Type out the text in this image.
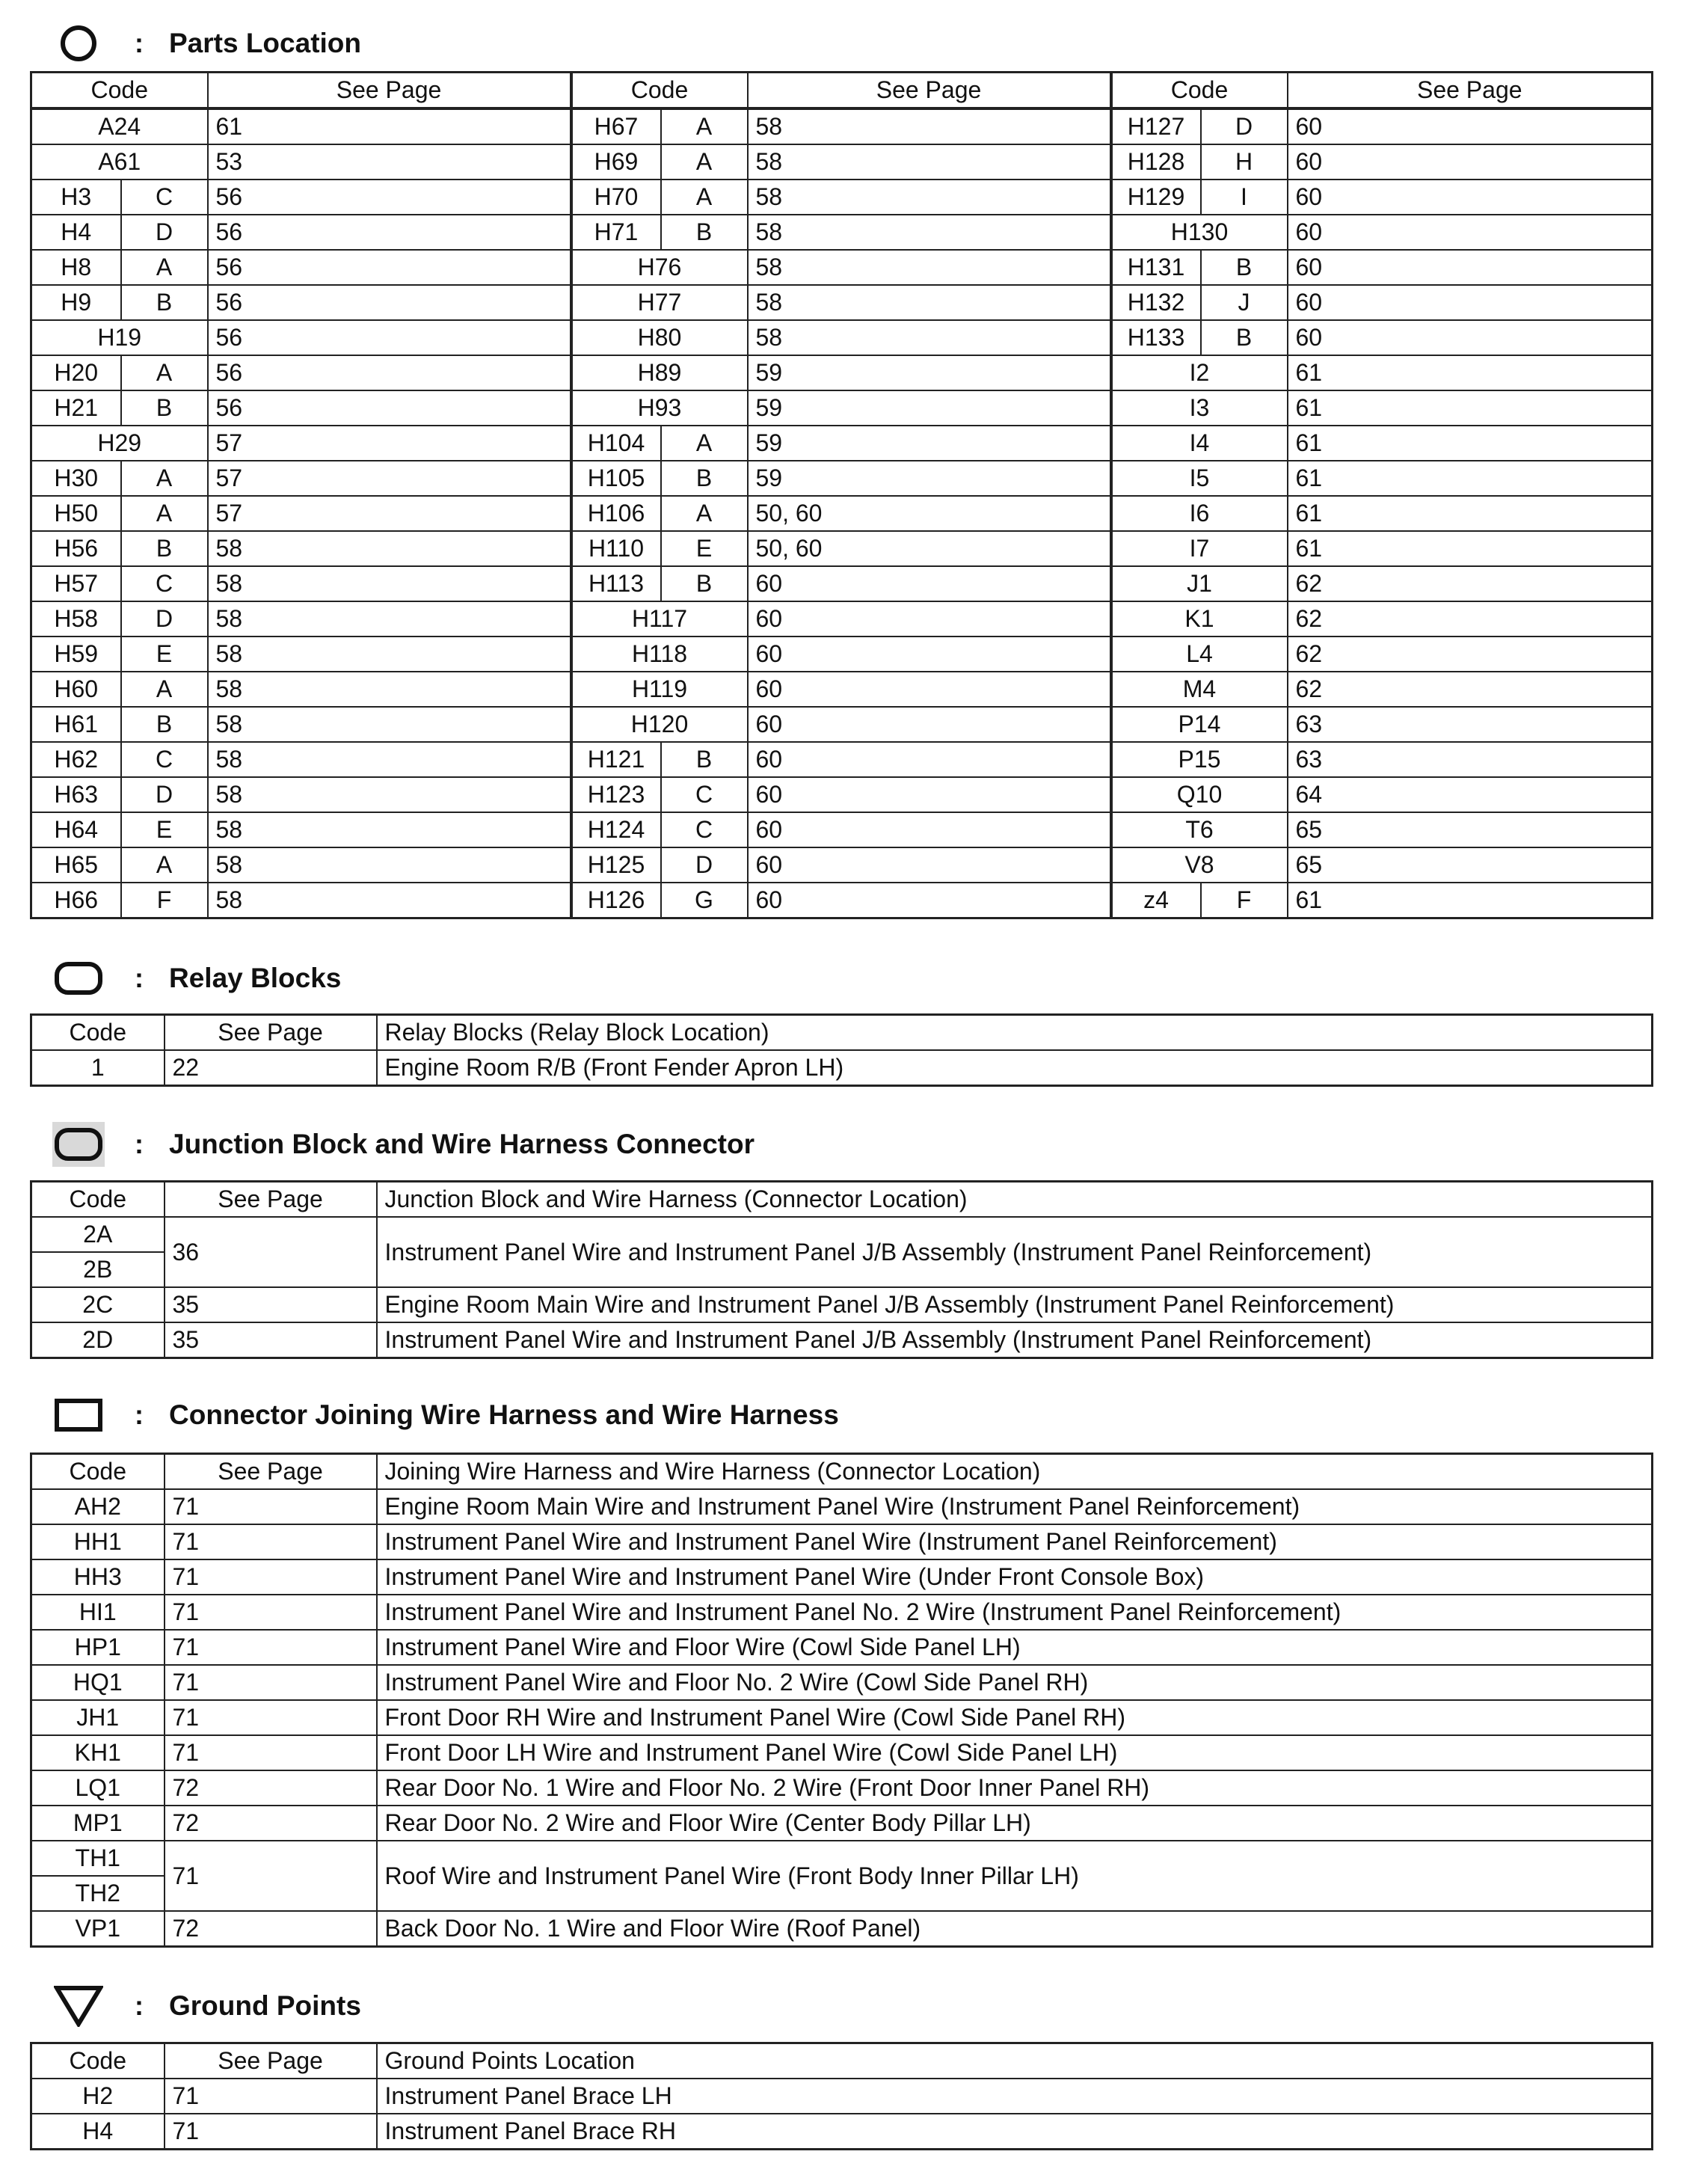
: Parts Location
Code		See Page	Code		See Page	Code		See Page
A24		61	H67	A	58	H127	D	60
A61		53	H69	A	58	H128	H	60
H3	C	56	H70	A	58	H129	I	60
H4	D	56	H71	B	58	H130		60
H8	A	56	H76		58	H131	B	60
H9	B	56	H77		58	H132	J	60
H19		56	H80		58	H133	B	60
H20	A	56	H89		59	I2		61
H21	B	56	H93		59	I3		61
H29		57	H104	A	59	I4		61
H30	A	57	H105	B	59	I5		61
H50	A	57	H106	A	50, 60	I6		61
H56	B	58	H110	E	50, 60	I7		61
H57	C	58	H113	B	60	J1		62
H58	D	58	H117		60	K1		62
H59	E	58	H118		60	L4		62
H60	A	58	H119		60	M4		62
H61	B	58	H120		60	P14		63
H62	C	58	H121	B	60	P15		63
H63	D	58	H123	C	60	Q10		64
H64	E	58	H124	C	60	T6		65
H65	A	58	H125	D	60	V8		65
H66	F	58	H126	G	60	z4	F	61
: Relay Blocks
Code	See Page	Relay Blocks (Relay Block Location)
1	22	Engine Room R/B (Front Fender Apron LH)
: Junction Block and Wire Harness Connector
Code	See Page	Junction Block and Wire Harness (Connector Location)
2A	36	Instrument Panel Wire and Instrument Panel J/B Assembly (Instrument Panel Reinforcement)
2B		
2C	35	Engine Room Main Wire and Instrument Panel J/B Assembly (Instrument Panel Reinforcement)
2D	35	Instrument Panel Wire and Instrument Panel J/B Assembly (Instrument Panel Reinforcement)
: Connector Joining Wire Harness and Wire Harness
Code	See Page	Joining Wire Harness and Wire Harness (Connector Location)
AH2	71	Engine Room Main Wire and Instrument Panel Wire (Instrument Panel Reinforcement)
HH1	71	Instrument Panel Wire and Instrument Panel Wire (Instrument Panel Reinforcement)
HH3	71	Instrument Panel Wire and Instrument Panel Wire (Under Front Console Box)
HI1	71	Instrument Panel Wire and Instrument Panel No. 2 Wire (Instrument Panel Reinforcement)
HP1	71	Instrument Panel Wire and Floor Wire (Cowl Side Panel LH)
HQ1	71	Instrument Panel Wire and Floor No. 2 Wire (Cowl Side Panel RH)
JH1	71	Front Door RH Wire and Instrument Panel Wire (Cowl Side Panel RH)
KH1	71	Front Door LH Wire and Instrument Panel Wire (Cowl Side Panel LH)
LQ1	72	Rear Door No. 1 Wire and Floor No. 2 Wire (Front Door Inner Panel RH)
MP1	72	Rear Door No. 2 Wire and Floor Wire (Center Body Pillar LH)
TH1	71	Roof Wire and Instrument Panel Wire (Front Body Inner Pillar LH)
TH2		
VP1	72	Back Door No. 1 Wire and Floor Wire (Roof Panel)
: Ground Points
Code	See Page	Ground Points Location
H2	71	Instrument Panel Brace LH
H4	71	Instrument Panel Brace RH
